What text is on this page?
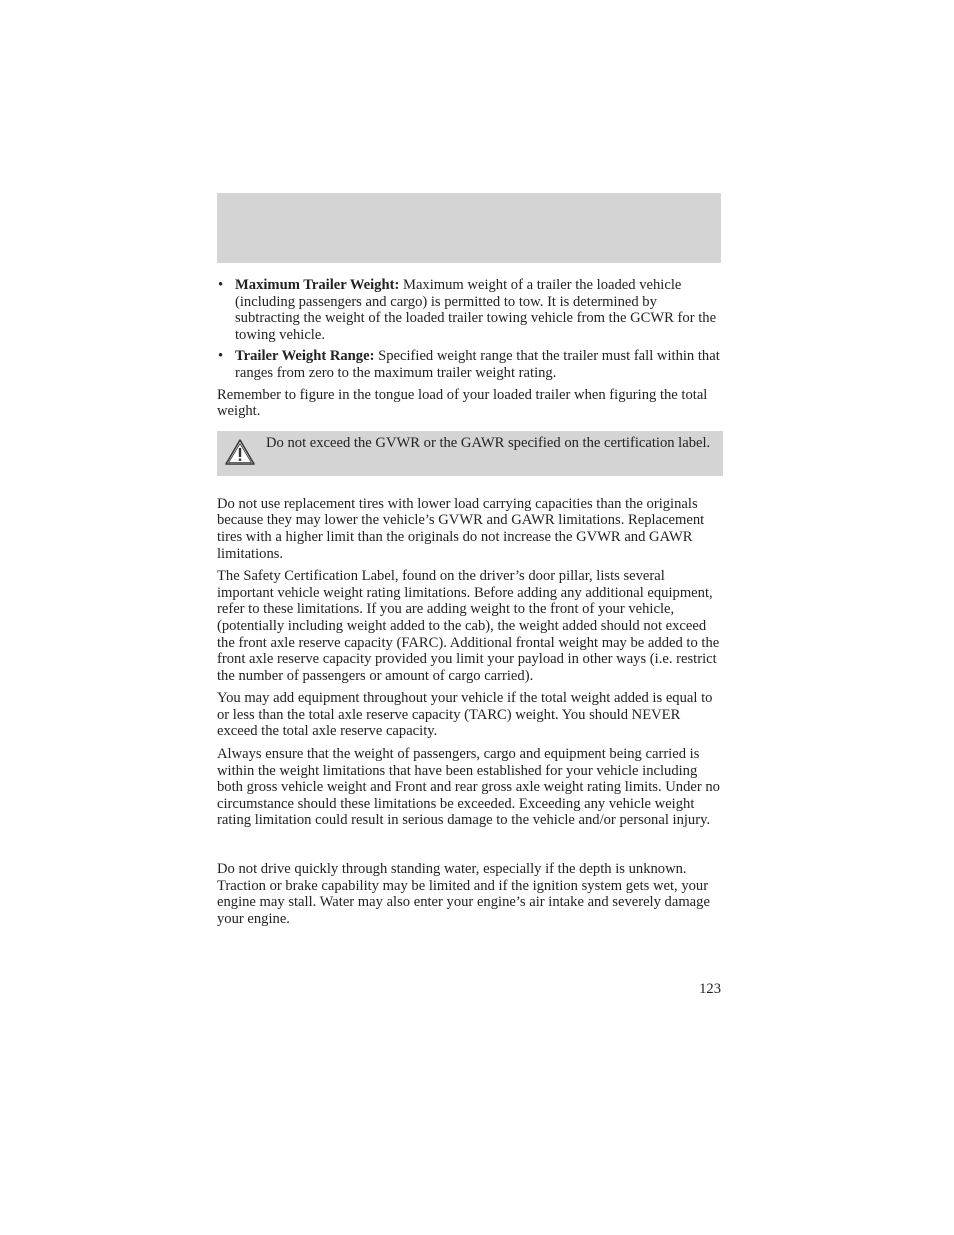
• Maximum Trailer Weight: Maximum weight of a trailer the loaded vehicle (including passengers and cargo) is permitted to tow. It is determined by subtracting the weight of the loaded trailer towing vehicle from the GCWR for the towing vehicle.
• Trailer Weight Range: Specified weight range that the trailer must fall within that ranges from zero to the maximum trailer weight rating.

Remember to figure in the tongue load of your loaded trailer when figuring the total weight.

Do not exceed the GVWR or the GAWR specified on the certification label.

Do not use replacement tires with lower load carrying capacities than the originals because they may lower the vehicle’s GVWR and GAWR limitations. Replacement tires with a higher limit than the originals do not increase the GVWR and GAWR limitations.

The Safety Certification Label, found on the driver’s door pillar, lists several important vehicle weight rating limitations. Before adding any additional equipment, refer to these limitations. If you are adding weight to the front of your vehicle, (potentially including weight added to the cab), the weight added should not exceed the front axle reserve capacity (FARC). Additional frontal weight may be added to the front axle reserve capacity provided you limit your payload in other ways (i.e. restrict the number of passengers or amount of cargo carried).

You may add equipment throughout your vehicle if the total weight added is equal to or less than the total axle reserve capacity (TARC) weight. You should NEVER exceed the total axle reserve capacity.

Always ensure that the weight of passengers, cargo and equipment being carried is within the weight limitations that have been established for your vehicle including both gross vehicle weight and Front and rear gross axle weight rating limits. Under no circumstance should these limitations be exceeded. Exceeding any vehicle weight rating limitation could result in serious damage to the vehicle and/or personal injury.

Do not drive quickly through standing water, especially if the depth is unknown. Traction or brake capability may be limited and if the ignition system gets wet, your engine may stall. Water may also enter your engine’s air intake and severely damage your engine.

123
